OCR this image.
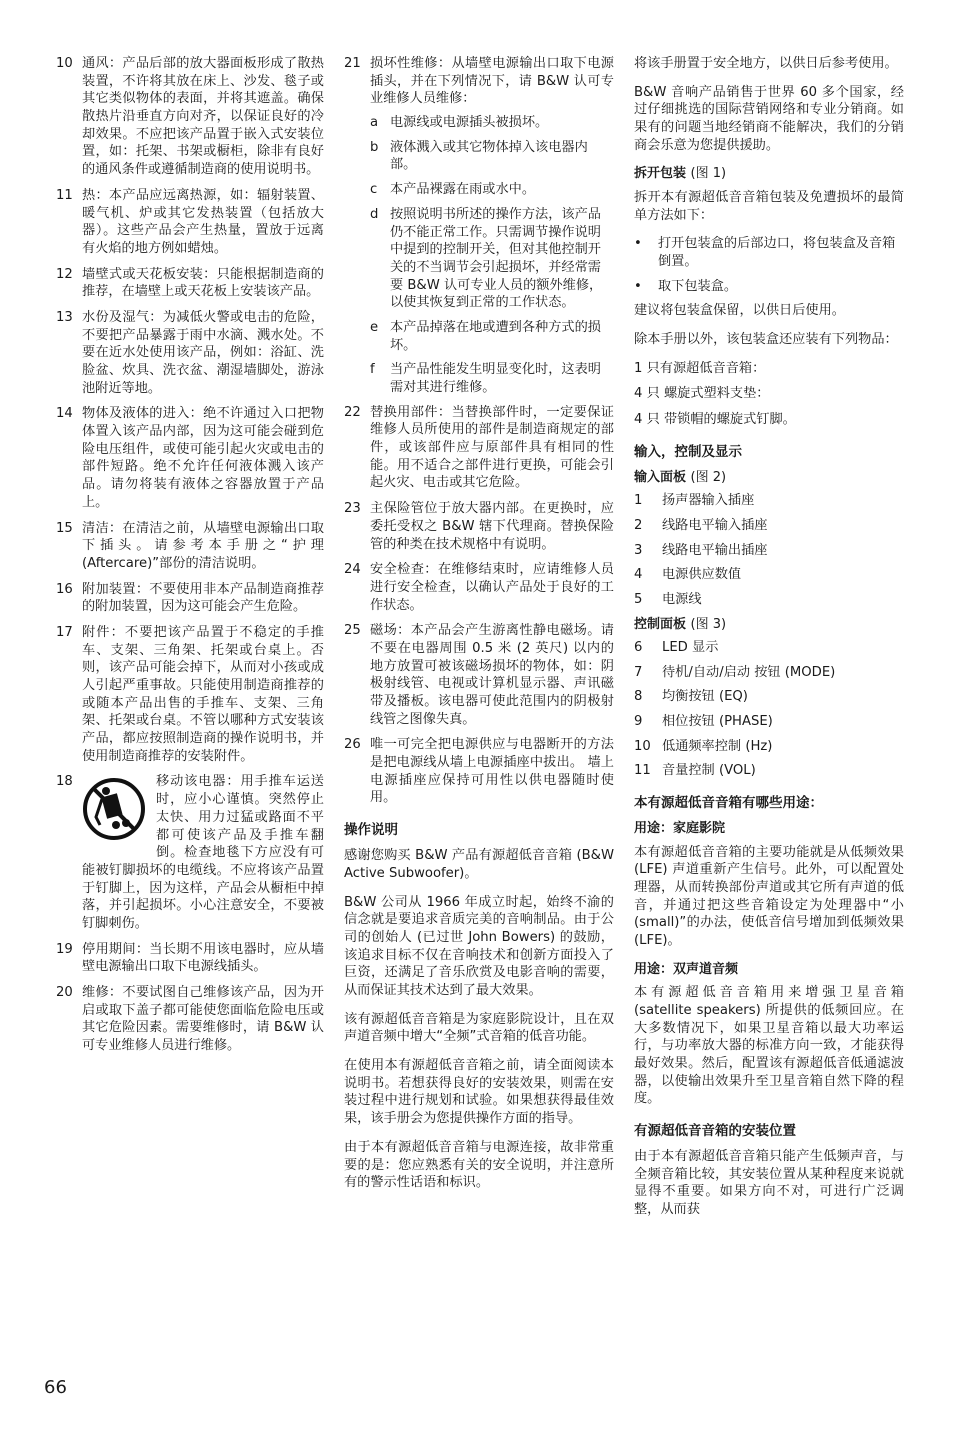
10 通风：产品后部的放大器面板形成了散热装置，不许将其放在床上、沙发、毯子或其它类似物体的表面，并将其遮盖。确保散热片沿垂直方向对齐，以保证良好的冷却效果。不应把该产品置于嵌入式安装位置，如：托架、书架或橱柜，除非有良好的通风条件或遵循制造商的使用说明书。
11 热：本产品应远离热源，如：辐射装置、暖气机、炉或其它发热装置（包括放大器）。这些产品会产生热量，置放于远离有火焰的地方例如蜡烛。
12 墙壁式或天花板安装：只能根据制造商的推荐，在墙壁上或天花板上安装该产品。
13 水份及湿气：为减低火警或电击的危险，不要把产品暴露于雨中水滴、溅水处。不要在近水处使用该产品，例如：浴缸、洗脸盆、炊具、洗衣盆、潮湿墙脚处，游泳池附近等地。
14 物体及液体的进入：绝不许通过入口把物体置入该产品内部，因为这可能会碰到危险电压组件，或使可能引起火灾或电击的部件短路。绝不允许任何液体溅入该产品。请勿将装有液体之容器放置于产品上。
15 清洁：在清洁之前，从墙壁电源输出口取下插头。请参考本手册之“护理 (Aftercare)”部份的清洁说明。
16 附加装置：不要使用非本产品制造商推荐的附加装置，因为这可能会产生危险。
17 附件：不要把该产品置于不稳定的手推车、支架、三角架、托架或台桌上。否则，该产品可能会掉下，从而对小孩或成人引起严重事故。只能使用制造商推荐的或随本产品出售的手推车、支架、三角架、托架或台桌。不管以哪种方式安装该产品，都应按照制造商的操作说明书，并使用制造商推荐的安装附件。
18	移动该电器：用手推车运送时，应小心谨慎。突然停止太快、用力过猛或路面不平都可使该产品及手推车翻倒。检查地毯下方应没有可能被钉脚损坏的电缆线。不应将该产品置于钉脚上，因为这样，产品会从橱柜中掉落，并引起损坏。小心注意安全，不要被钉脚刺伤。
19 停用期间：当长期不用该电器时，应从墙壁电源输出口取下电源线插头。
20 维修：不要试图自己维修该产品，因为开启或取下盖子都可能使您面临危险电压或其它危险因素。需要维修时，请 B&W 认可专业维修人员进行维修。
21 损坏性维修：从墙壁电源输出口取下电源插头，并在下列情况下，请 B&W 认可专业维修人员维修：
a 电源线或电源插头被损坏。
b 液体溅入或其它物体掉入该电器内部。
c 本产品裸露在雨或水中。
d 按照说明书所述的操作方法，该产品仍不能正常工作。只需调节操作说明中提到的控制开关，但对其他控制开关的不当调节会引起损坏，并经常需要 B&W 认可专业人员的额外维修，以使其恢复到正常的工作状态。
e 本产品掉落在地或遭到各种方式的损坏。
f	当产品性能发生明显变化时，这表明需对其进行维修。
22 替换用部件：当替换部件时，一定要保证维修人员所使用的部件是制造商规定的部件，或该部件应与原部件具有相同的性能。用不适合之部件进行更换，可能会引起火灾、电击或其它危险。
23 主保险管位于放大器内部。在更换时，应委托受权之 B&W 辖下代理商。替换保险管的种类在技术规格中有说明。
24 安全检查：在维修结束时，应请维修人员进行安全检查，以确认产品处于良好的工作状态。
25 磁场：本产品会产生游离性静电磁场。请不要在电器周围 0.5 米 (2 英尺) 以内的地方放置可被该磁场损坏的物体，如：阴极射线管、电视或计算机显示器、声讯磁带及播板。该电器可使此范围内的阴极射线管之图像失真。
26 唯一可完全把电源供应与电器断开的方法是把电源线从墙上电源插座中拔出。 墙上电源插座应保持可用性以供电器随时使用。
操作说明
感谢您购买 B&W 产品有源超低音音箱 (B&W Active Subwoofer)。
B&W 公司从 1966 年成立时起，始终不渝的信念就是要追求音质完美的音响制品。由于公司的创始人 (已过世 John Bowers) 的鼓励，该追求目标不仅在音响技术和创新方面投入了巨资，还满足了音乐欣赏及电影音响的需要，从而保证其技术达到了最大效果。
该有源超低音音箱是为家庭影院设计，且在双声道音频中增大“全频”式音箱的低音功能。
在使用本有源超低音音箱之前，请全面阅读本说明书。若想获得良好的安装效果，则需在安装过程中进行规划和试验。如果想获得最佳效果，该手册会为您提供操作方面的指导。
由于本有源超低音音箱与电源连接，故非常重要的是：您应熟悉有关的安全说明，并注意所有的警示性话语和标识。
将该手册置于安全地方，以供日后参考使用。
B&W 音响产品销售于世界 60 多个国家，经过仔细挑选的国际营销网络和专业分销商。如果有的问题当地经销商不能解决，我们的分销商会乐意为您提供援助。
拆开包装 (图 1)
拆开本有源超低音音箱包装及免遭损坏的最简单方法如下：
•	打开包装盒的后部边口，将包装盒及音箱倒置。
•	取下包装盒。
建议将包装盒保留，以供日后使用。
除本手册以外，该包装盒还应装有下列物品：
1 只有源超低音音箱：
4 只 螺旋式塑料支垫：
4 只 带锁帽的螺旋式钉脚。
输入，控制及显示
输入面板 (图 2)
1	扬声器输入插座
2	线路电平输入插座
3	线路电平输出插座
4	电源供应数值
5	电源线
控制面板 (图 3)
6	LED 显示
7	待机/自动/启动 按钮 (MODE)
8	均衡按钮 (EQ)
9	相位按钮 (PHASE)
10 低通频率控制 (Hz)
11 音量控制 (VOL)
本有源超低音音箱有哪些用途：
用途：家庭影院
本有源超低音音箱的主要功能就是从低频效果 (LFE) 声道重新产生信号。此外，可以配置处理器，从而转换部份声道或其它所有声道的低音，并通过把这些音箱设定为处理器中“小 (small)”的办法，使低音信号增加到低频效果 (LFE)。
用途：双声道音频
本有源超低音音箱用来增强卫星音箱 (satellite speakers) 所提供的低频回应。在大多数情况下，如果卫星音箱以最大功率运行，与功率放大器的标准方向一致，才能获得最好效果。然后，配置该有源超低音低通滤波器，以使输出效果升至卫星音箱自然下降的程度。
有源超低音音箱的安装位置
由于本有源超低音音箱只能产生低频声音，与全频音箱比较，其安装位置从某种程度来说就显得不重要。如果方向不对，可进行广泛调整，从而获
66
